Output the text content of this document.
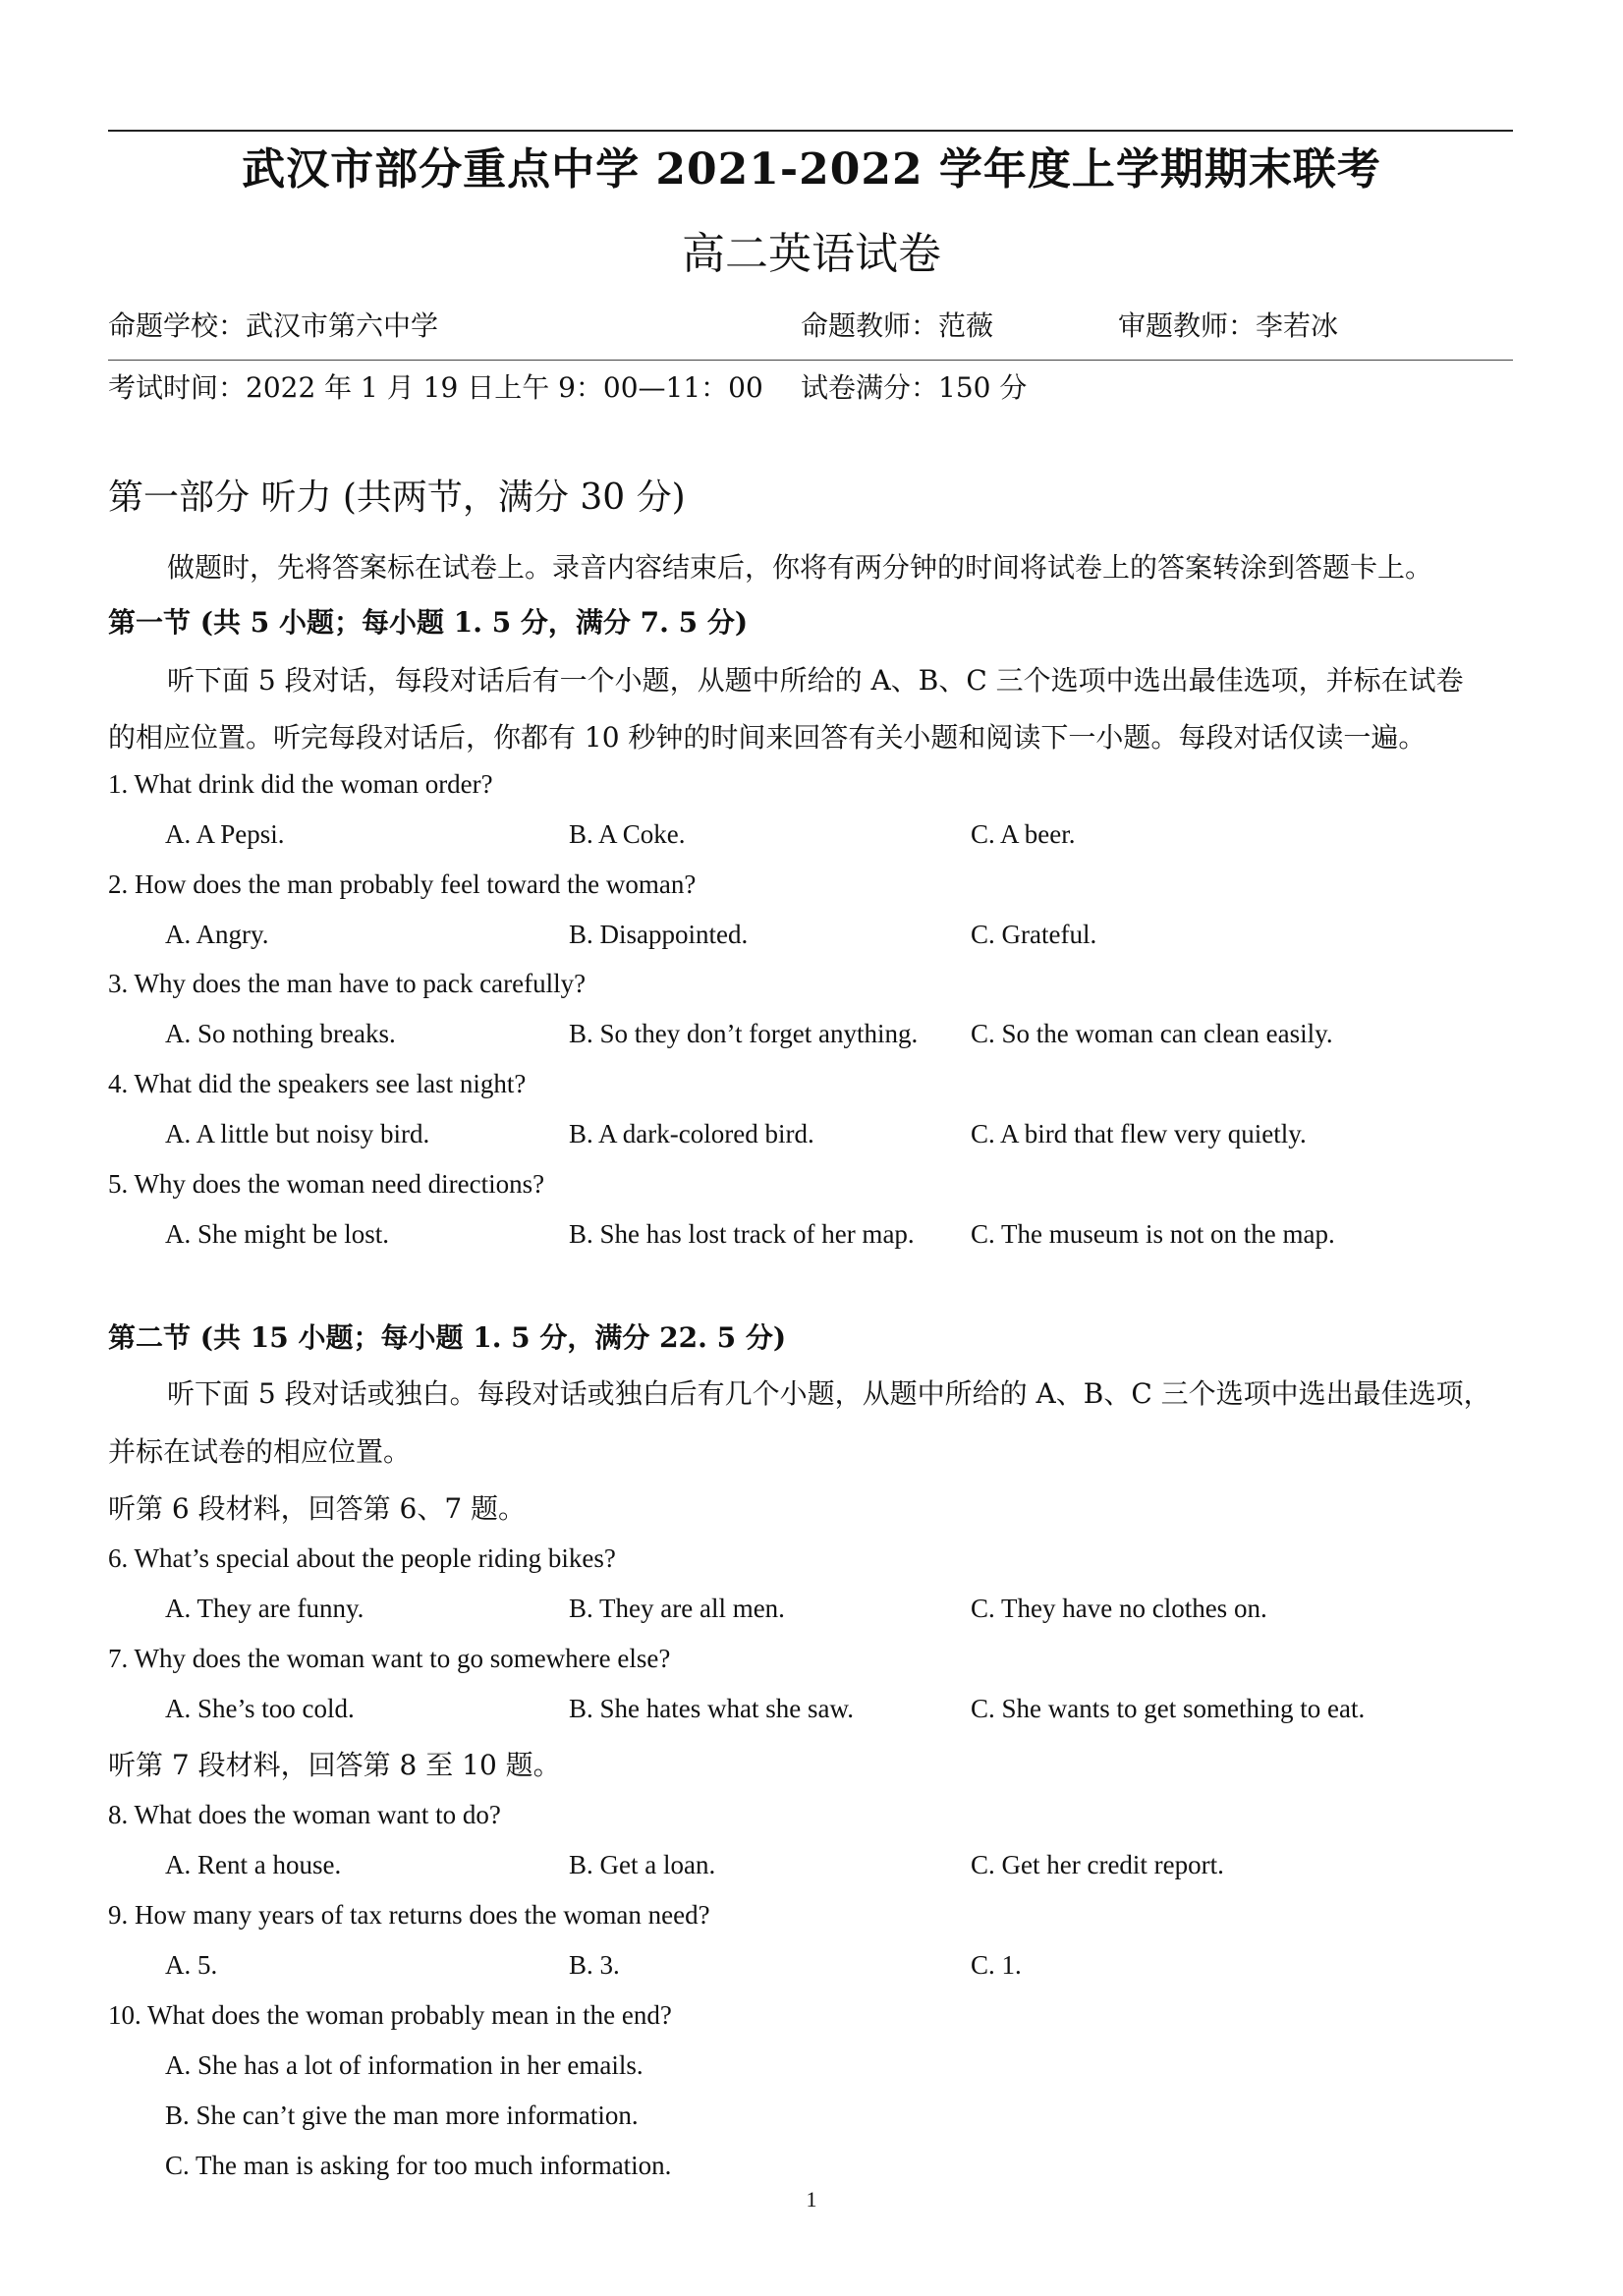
武汉市部分重点中学 2021-2022 学年度上学期期末联考
高二英语试卷
命题学校：武汉市第六中学	命题教师：范薇	审题教师：李若冰
考试时间：2022 年 1 月 19 日上午 9：00—11：00 试卷满分：150 分
第一部分 听力 (共两节，满分 30 分)
做题时，先将答案标在试卷上。录音内容结束后，你将有两分钟的时间将试卷上的答案转涂到答题卡上。
第一节 (共 5 小题；每小题 1. 5 分，满分 7. 5 分)
听下面 5 段对话，每段对话后有一个小题，从题中所给的 A、B、C 三个选项中选出最佳选项，并标在试卷
的相应位置。听完每段对话后，你都有 10 秒钟的时间来回答有关小题和阅读下一小题。每段对话仅读一遍。
1. What drink did the woman order?
A. A Pepsi.	B. A Coke.	C. A beer.
2. How does the man probably feel toward the woman?
A. Angry.	B. Disappointed.	C. Grateful.
3. Why does the man have to pack carefully?
A. So nothing breaks.	B. So they don’t forget anything. C. So the woman can clean easily.
4. What did the speakers see last night?
A. A little but noisy bird.	B. A dark-colored bird.	C. A bird that flew very quietly.
5. Why does the woman need directions?
A. She might be lost.	B. She has lost track of her map. C. The museum is not on the map.
第二节 (共 15 小题；每小题 1. 5 分，满分 22. 5 分)
听下面 5 段对话或独白。每段对话或独白后有几个小题，从题中所给的 A、B、C 三个选项中选出最佳选项，
并标在试卷的相应位置。
听第 6 段材料，回答第 6、7 题。
6. What’s special about the people riding bikes?
A. They are funny.	B. They are all men.	C. They have no clothes on.
7. Why does the woman want to go somewhere else?
A. She’s too cold.	B. She hates what she saw.	C. She wants to get something to eat.
听第 7 段材料，回答第 8 至 10 题。
8. What does the woman want to do?
A. Rent a house.	B. Get a loan.	C. Get her credit report.
9. How many years of tax returns does the woman need?
A. 5.	B. 3.	C. 1.
10. What does the woman probably mean in the end?
A. She has a lot of information in her emails.
B. She can’t give the man more information.
C. The man is asking for too much information.
1
